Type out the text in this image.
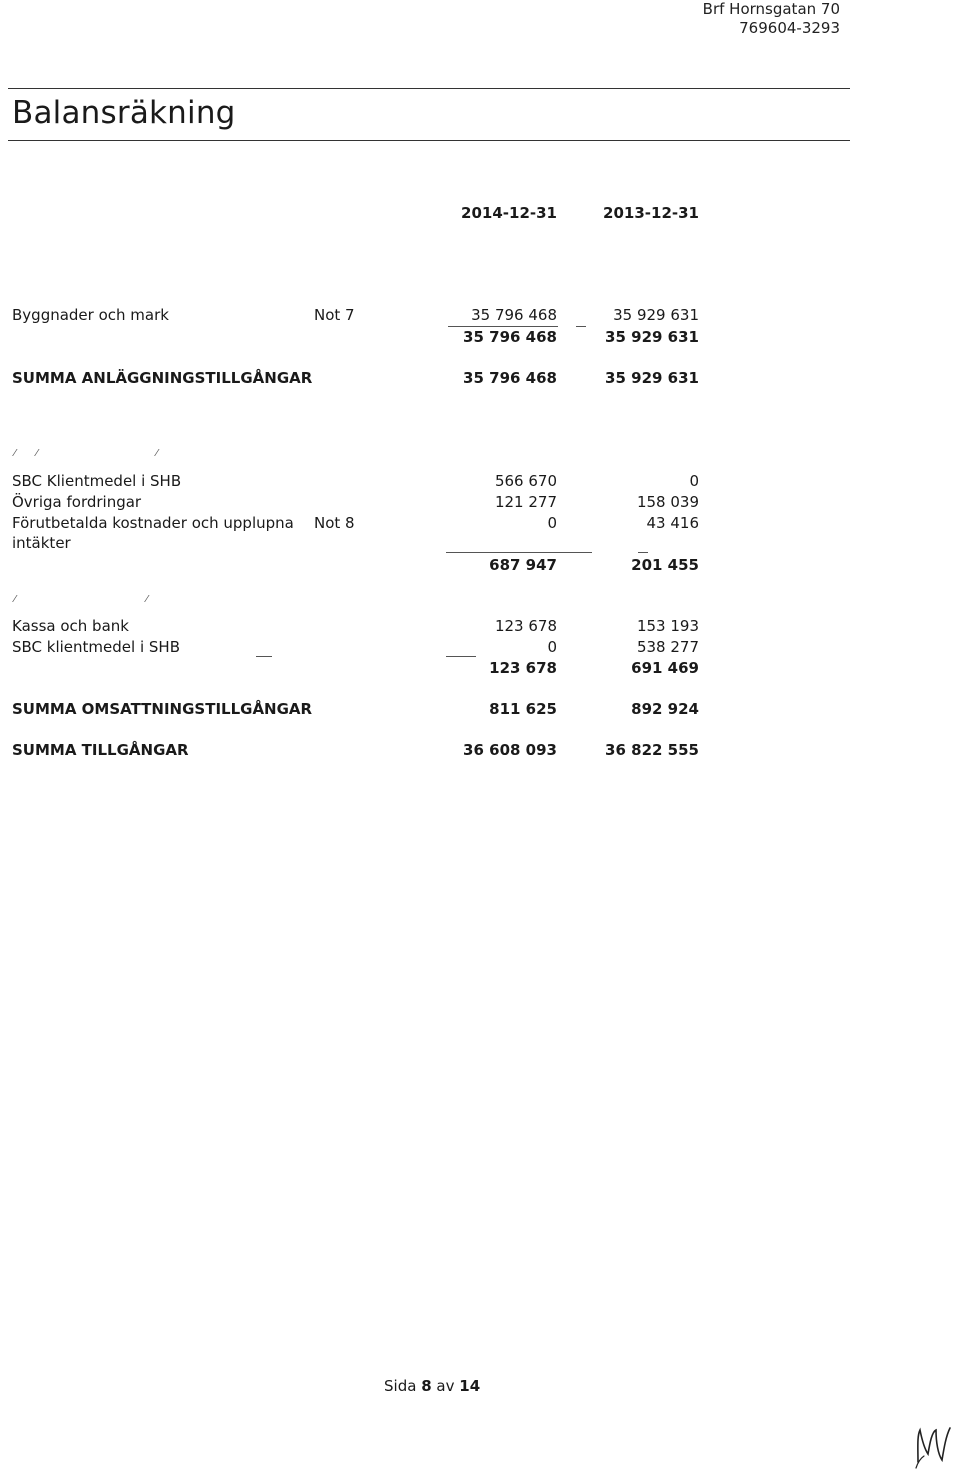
Brf Hornsgatan 70
769604-3293
Balansräkning
2014-12-31	2013-12-31
Byggnader och mark	Not 7	35 796 468	35 929 631
35 796 468	35 929 631
SUMMA ANLÄGGNINGSTILLGÅNGAR	35 796 468	35 929 631
⁄ ⁄	⁄
SBC Klientmedel i SHB	566 670	0
Övriga fordringar	121 277	158 039
Förutbetalda kostnader och upplupna
intäkter
Not 8	0	43 416
687 947	201 455
⁄	⁄
Kassa och bank	123 678	153 193
SBC klientmedel i SHB	0	538 277
123 678	691 469
SUMMA OMSATTNINGSTILLGÅNGAR	811 625	892 924
SUMMA TILLGÅNGAR	36 608 093	36 822 555
Sida 8 av 14
